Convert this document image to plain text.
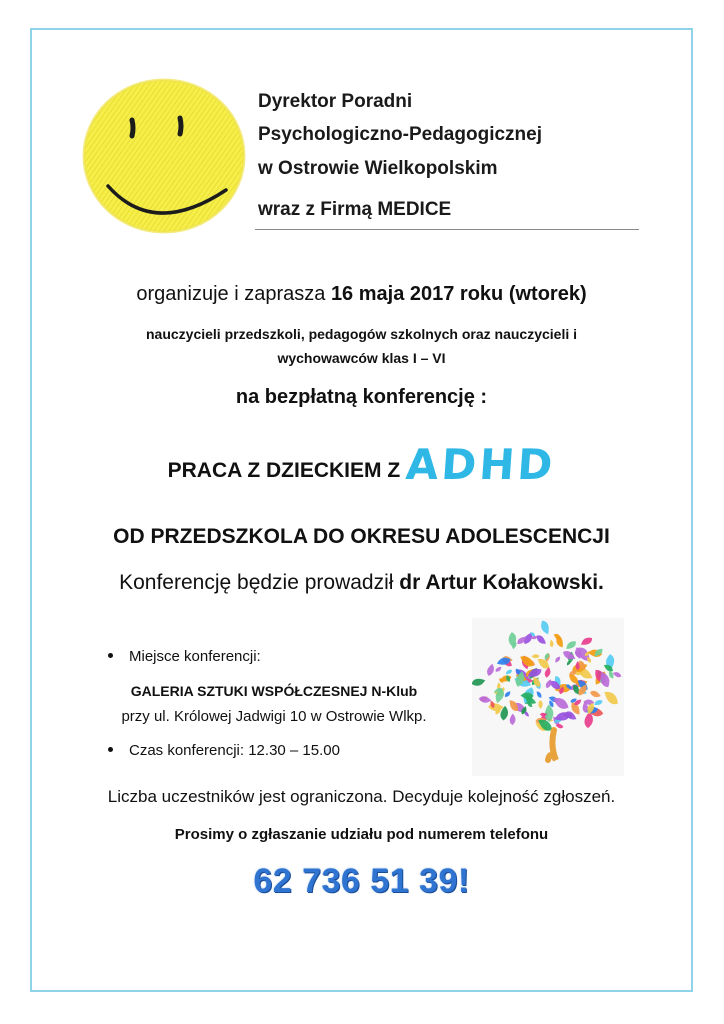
Dyrektor Poradni
Psychologiczno-Pedagogicznej
w Ostrowie Wielkopolskim
wraz z Firmą MEDICE
organizuje i zaprasza 16 maja 2017 roku (wtorek)
nauczycieli przedszkoli, pedagogów szkolnych oraz nauczycieli i
wychowawców klas I – VI
na bezpłatną konferencję :
PRACA Z DZIECKIEM Z ADHD
OD PRZEDSZKOLA DO OKRESU ADOLESCENCJI
Konferencję będzie prowadził dr Artur Kołakowski.
Miejsce konferencji:
GALERIA SZTUKI WSPÓŁCZESNEJ N-Klub
przy ul. Królowej Jadwigi 10 w Ostrowie Wlkp.
Czas konferencji: 12.30 – 15.00
Liczba uczestników jest ograniczona. Decyduje kolejność zgłoszeń.
Prosimy o zgłaszanie udziału pod numerem telefonu
62 736 51 39!
